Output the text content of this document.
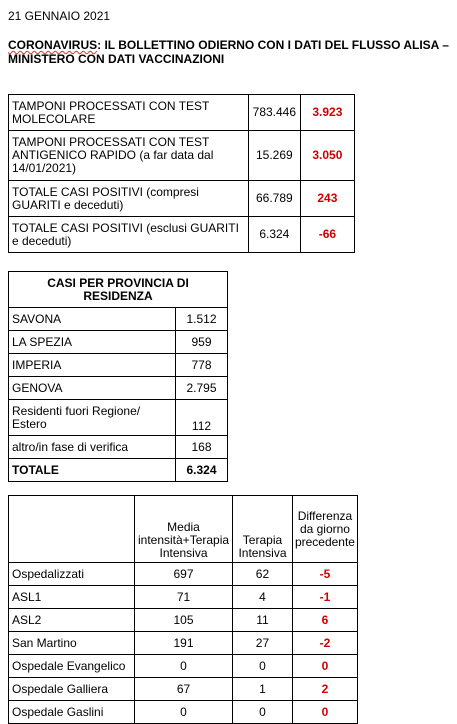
21 GENNAIO 2021
CORONAVIRUS: IL BOLLETTINO ODIERNO CON I DATI DEL FLUSSO ALISA – MINISTERO CON DATI VACCINAZIONI
TAMPONI PROCESSATI CON TEST MOLECOLARE	783.446	3.923
TAMPONI PROCESSATI CON TEST ANTIGENICO RAPIDO (a far data dal 14/01/2021)	15.269	3.050
TOTALE CASI POSITIVI (compresi GUARITI e deceduti)	66.789	243
TOTALE CASI POSITIVI (esclusi GUARITI e deceduti)	6.324	-66
CASI PER PROVINCIA DI RESIDENZA	
SAVONA	1.512
LA SPEZIA	959
IMPERIA	778
GENOVA	2.795
Residenti fuori Regione/ Estero	112
altro/in fase di verifica	168
TOTALE	6.324
	Media intensità+Terapia Intensiva	Terapia Intensiva	Differenza da giorno precedente
Ospedalizzati	697	62	-5
ASL1	71	4	-1
ASL2	105	11	6
San Martino	191	27	-2
Ospedale Evangelico	0	0	0
Ospedale Galliera	67	1	2
Ospedale Gaslini	0	0	0
